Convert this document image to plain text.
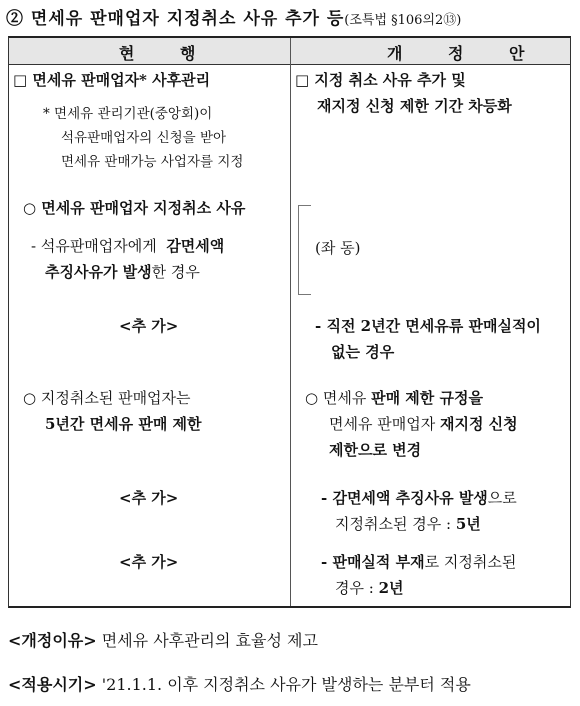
② 면세유 판매업자 지정취소 사유 추가 등(조특법 §106의2⑬)
현 행	개 정 안
□ 면세유 판매업자* 사후관리
* 면세유 관리기관(중앙회)이
석유판매업자의 신청을 받아
면세유 판매가능 사업자를 지정
○ 면세유 판매업자 지정취소 사유
- 석유판매업자에게 감면세액
추징사유가 발생한 경우
<추 가>
○ 지정취소된 판매업자는
5년간 면세유 판매 제한
<추 가>
<추 가>
□ 지정 취소 사유 추가 및
재지정 신청 제한 기간 차등화
(좌 동)
- 직전 2년간 면세유류 판매실적이
없는 경우
○ 면세유 판매 제한 규정을
면세유 판매업자 재지정 신청
제한으로 변경
- 감면세액 추징사유 발생으로
지정취소된 경우 : 5년
- 판매실적 부재로 지정취소된
경우 : 2년
<개정이유> 면세유 사후관리의 효율성 제고
<적용시기> '21.1.1. 이후 지정취소 사유가 발생하는 분부터 적용
